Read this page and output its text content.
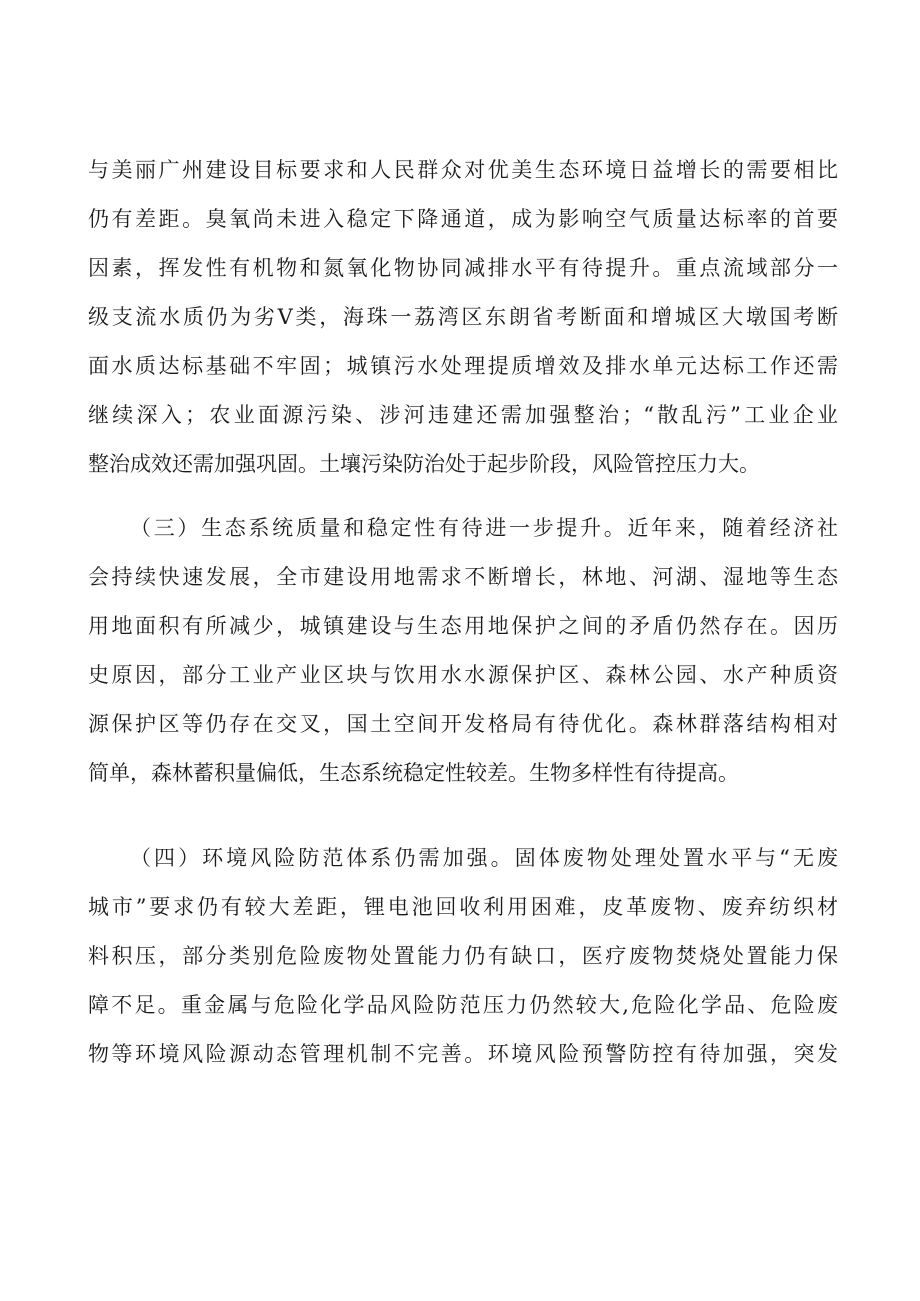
与美丽广州建设目标要求和人民群众对优美生态环境日益增长的需要相比
仍有差距。臭氧尚未进入稳定下降通道，成为影响空气质量达标率的首要
因素，挥发性有机物和氮氧化物协同减排水平有待提升。重点流域部分一
级支流水质仍为劣Ⅴ类，海珠一荔湾区东朗省考断面和增城区大墩国考断
面水质达标基础不牢固；城镇污水处理提质增效及排水单元达标工作还需
继续深入；农业面源污染、涉河违建还需加强整治；“散乱污”工业企业
整治成效还需加强巩固。土壤污染防治处于起步阶段，风险管控压力大。
（三）生态系统质量和稳定性有待进一步提升。近年来，随着经济社
会持续快速发展，全市建设用地需求不断增长，林地、河湖、湿地等生态
用地面积有所减少，城镇建设与生态用地保护之间的矛盾仍然存在。因历
史原因，部分工业产业区块与饮用水水源保护区、森林公园、水产种质资
源保护区等仍存在交叉，国土空间开发格局有待优化。森林群落结构相对
简单，森林蓄积量偏低，生态系统稳定性较差。生物多样性有待提高。
（四）环境风险防范体系仍需加强。固体废物处理处置水平与“无废
城市”要求仍有较大差距，锂电池回收利用困难，皮革废物、废弃纺织材
料积压，部分类别危险废物处置能力仍有缺口，医疗废物焚烧处置能力保
障不足。重金属与危险化学品风险防范压力仍然较大,危险化学品、危险废
物等环境风险源动态管理机制不完善。环境风险预警防控有待加强，突发
